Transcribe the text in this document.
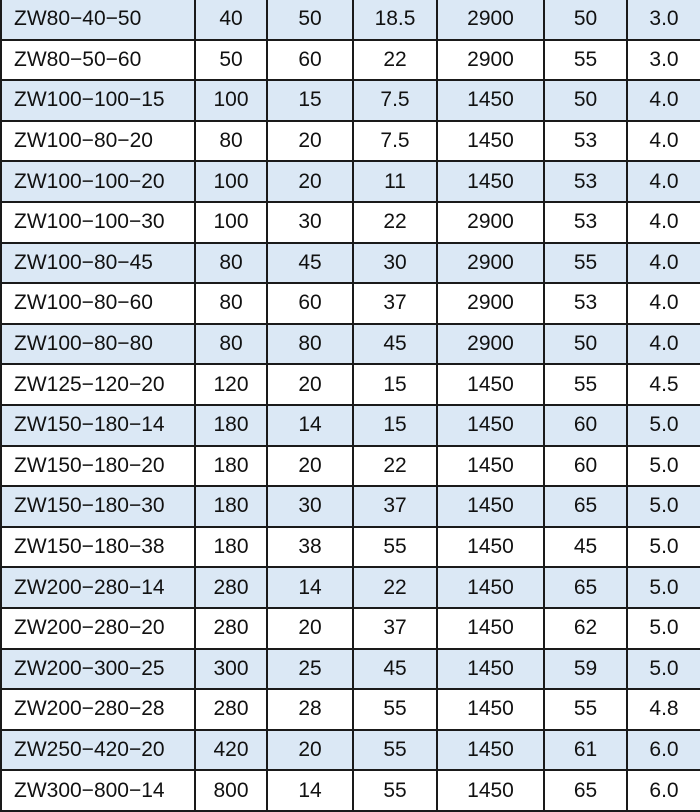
ZW80−40−50	40	50	18.5	2900	50	3.0
ZW80−50−60	50	60	22	2900	55	3.0
ZW100−100−15	100	15	7.5	1450	50	4.0
ZW100−80−20	80	20	7.5	1450	53	4.0
ZW100−100−20	100	20	11	1450	53	4.0
ZW100−100−30	100	30	22	2900	53	4.0
ZW100−80−45	80	45	30	2900	55	4.0
ZW100−80−60	80	60	37	2900	53	4.0
ZW100−80−80	80	80	45	2900	50	4.0
ZW125−120−20	120	20	15	1450	55	4.5
ZW150−180−14	180	14	15	1450	60	5.0
ZW150−180−20	180	20	22	1450	60	5.0
ZW150−180−30	180	30	37	1450	65	5.0
ZW150−180−38	180	38	55	1450	45	5.0
ZW200−280−14	280	14	22	1450	65	5.0
ZW200−280−20	280	20	37	1450	62	5.0
ZW200−300−25	300	25	45	1450	59	5.0
ZW200−280−28	280	28	55	1450	55	4.8
ZW250−420−20	420	20	55	1450	61	6.0
ZW300−800−14	800	14	55	1450	65	6.0
